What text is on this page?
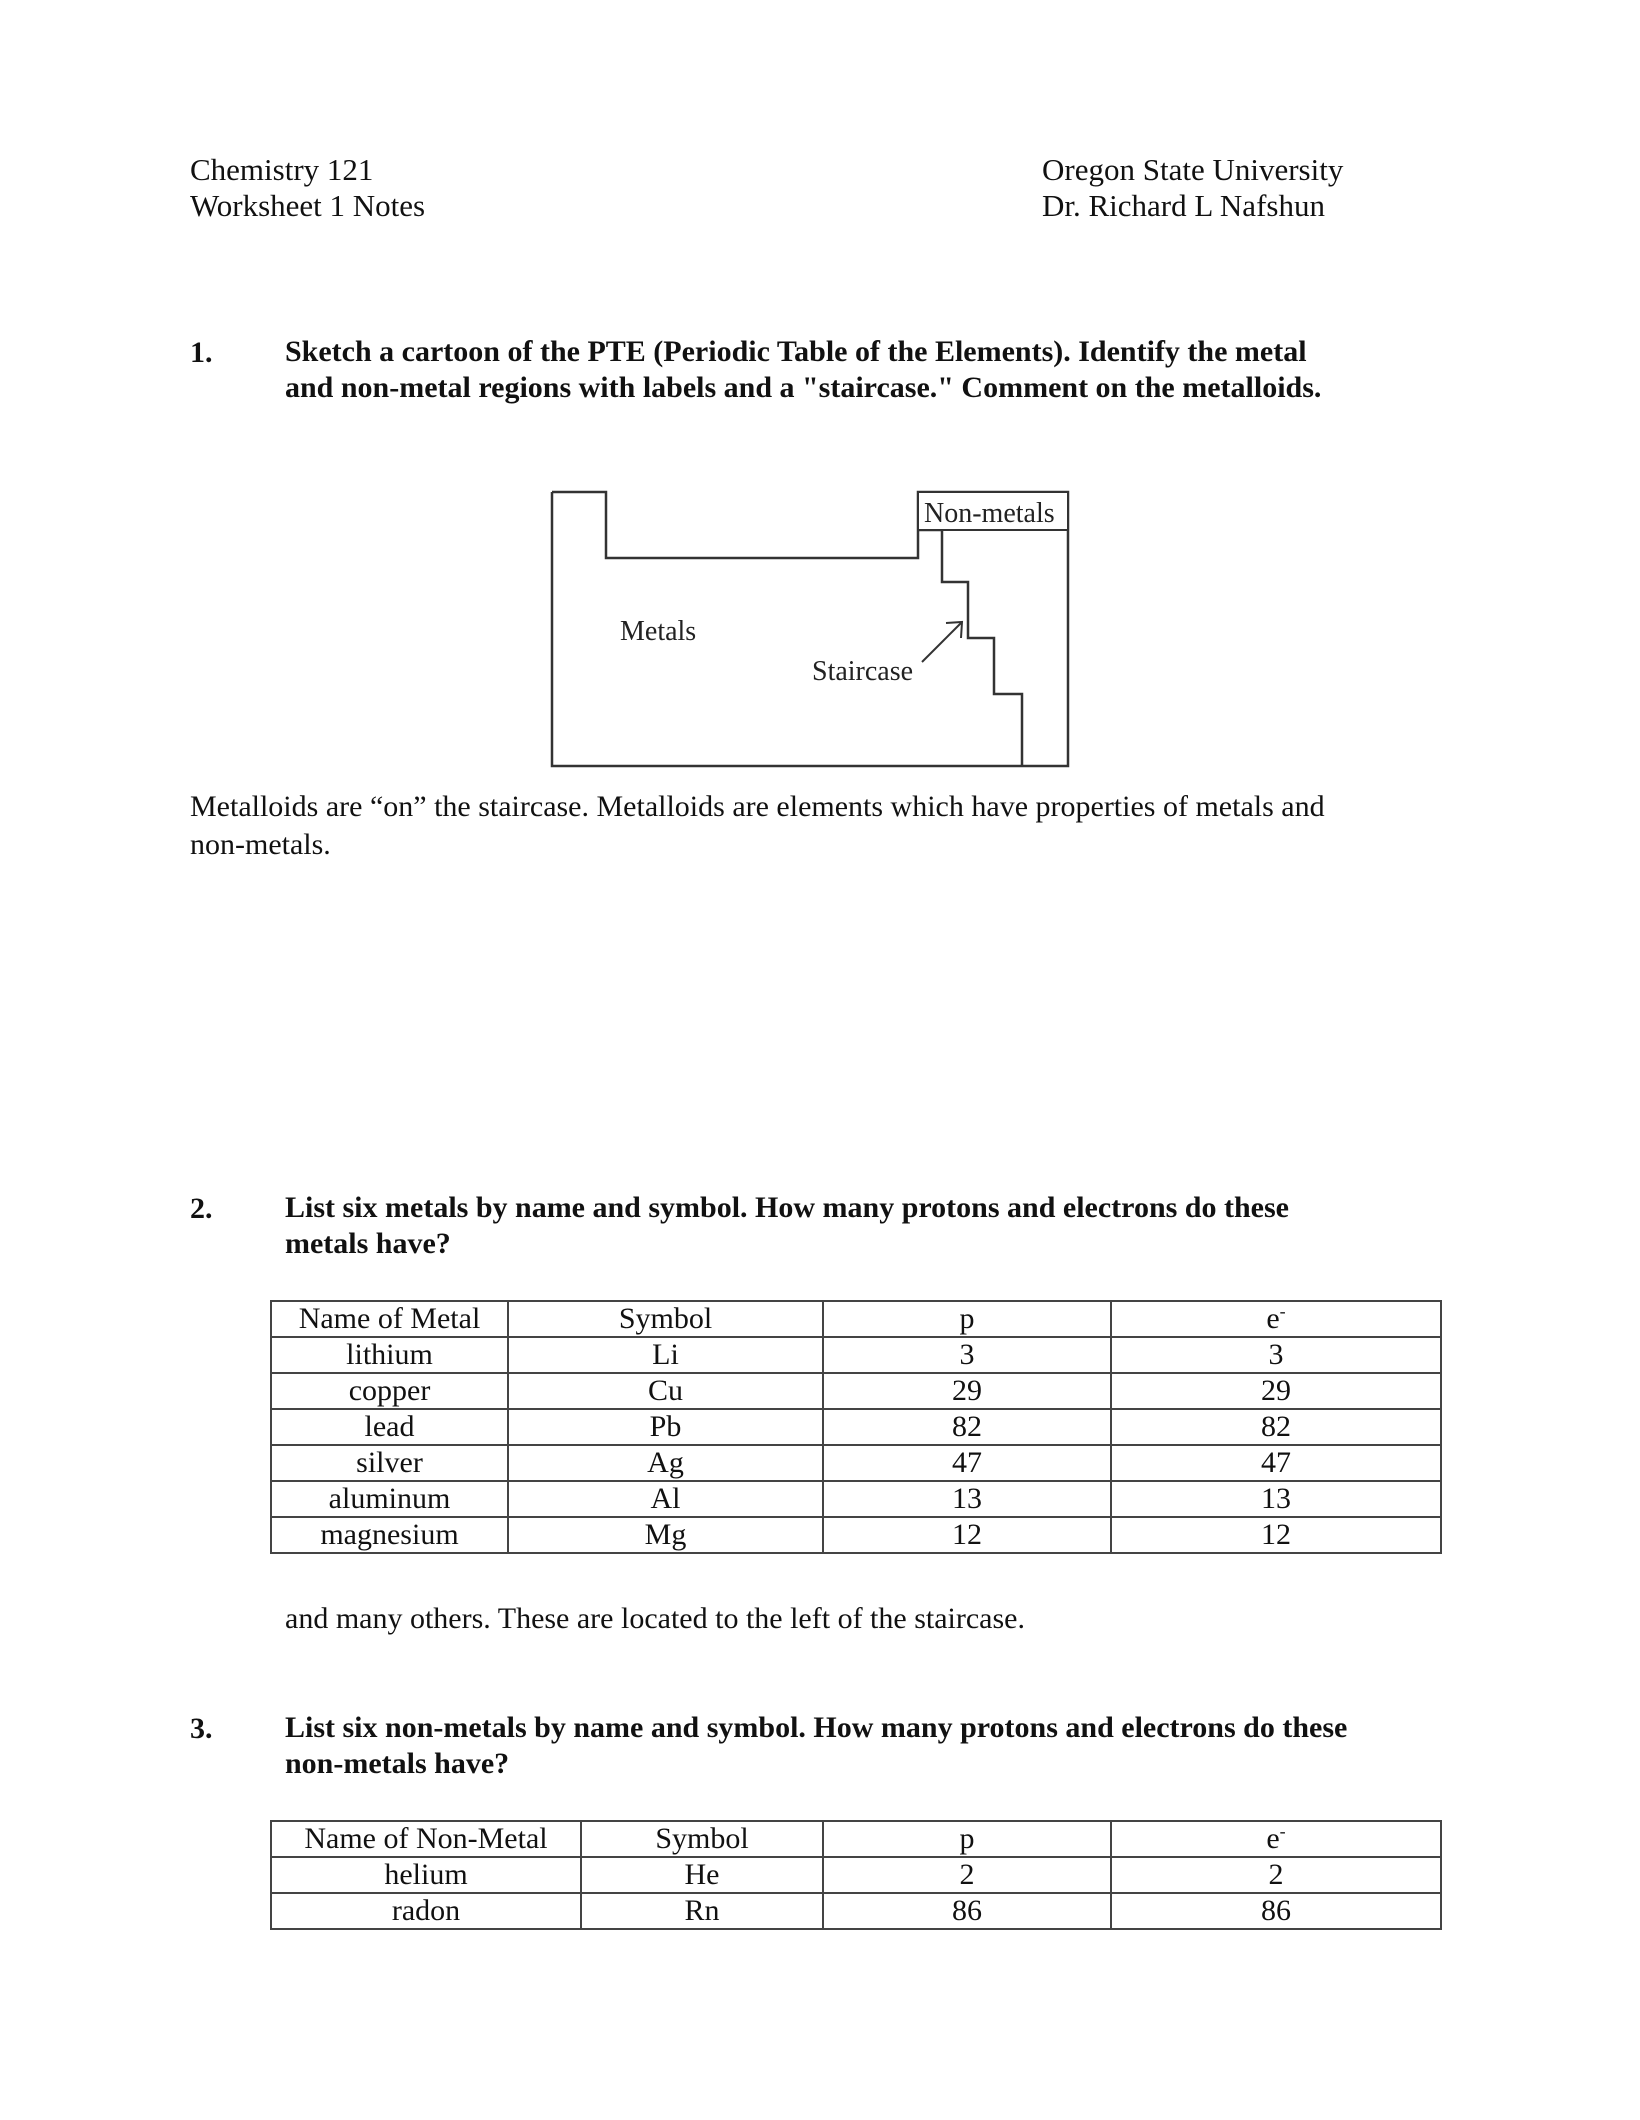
Chemistry 121
Worksheet 1 Notes
Oregon State University
Dr. Richard L Nafshun
1. Sketch a cartoon of the PTE (Periodic Table of the Elements). Identify the metal
and non-metal regions with labels and a "staircase." Comment on the metalloids.
Non-metals
Metals
Staircase
Metalloids are “on” the staircase. Metalloids are elements which have properties of metals and
non-metals.
2. List six metals by name and symbol. How many protons and electrons do these
metals have?
Name of Metal	Symbol	p	e-
lithium	Li	3	3
copper	Cu	29	29
lead	Pb	82	82
silver	Ag	47	47
aluminum	Al	13	13
magnesium	Mg	12	12
and many others. These are located to the left of the staircase.
3. List six non-metals by name and symbol. How many protons and electrons do these
non-metals have?
Name of Non-Metal	Symbol	p	e-
helium	He	2	2
radon	Rn	86	86
